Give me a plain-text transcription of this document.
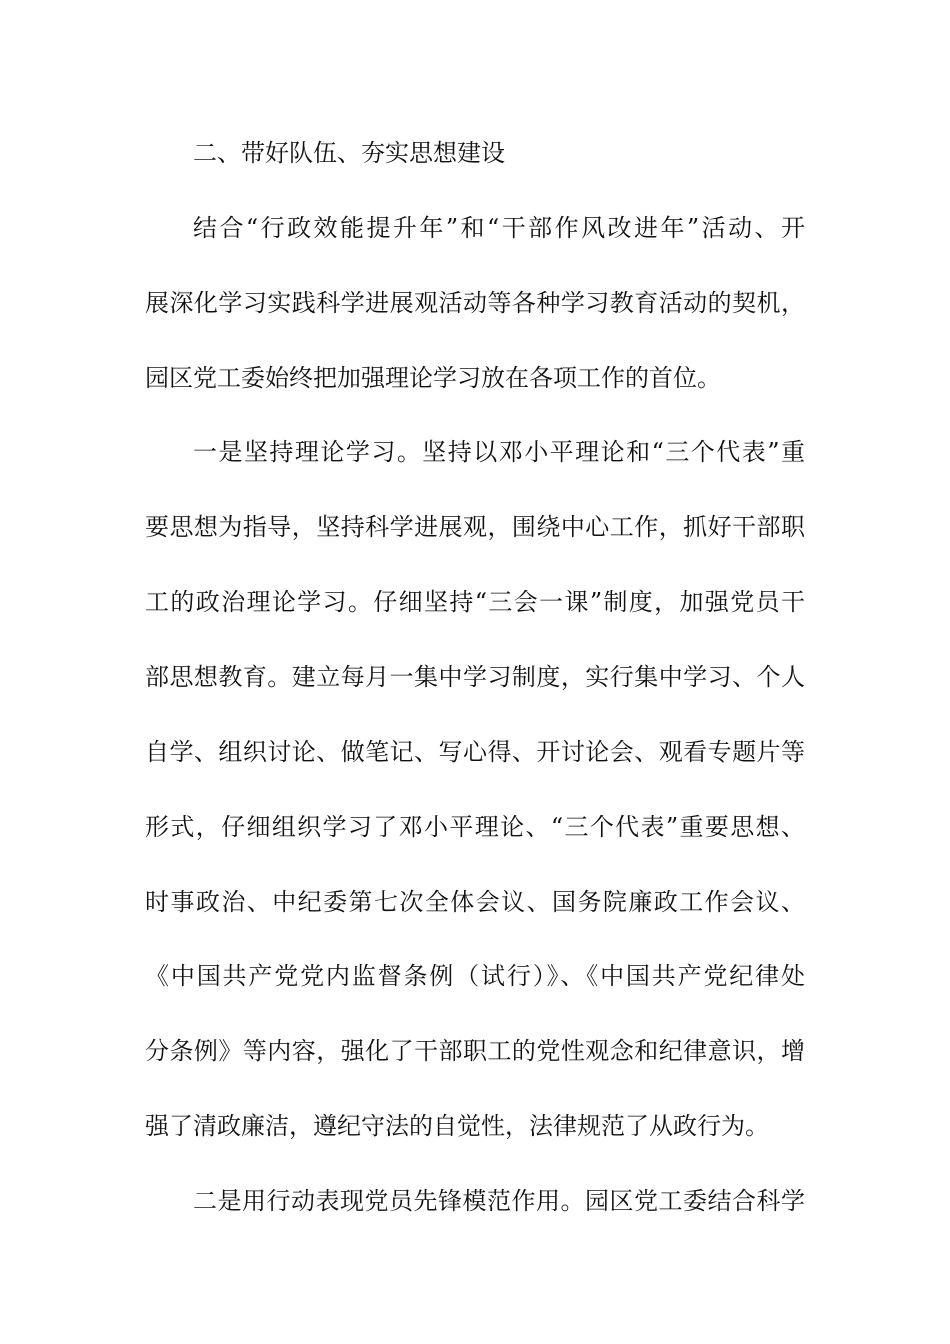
二、带好队伍、夯实思想建设
结合“行政效能提升年”和“干部作风改进年”活动、开
展深化学习实践科学进展观活动等各种学习教育活动的契机，
园区党工委始终把加强理论学习放在各项工作的首位。
一是坚持理论学习。坚持以邓小平理论和“三个代表”重
要思想为指导，坚持科学进展观，围绕中心工作，抓好干部职
工的政治理论学习。仔细坚持“三会一课”制度，加强党员干
部思想教育。建立每月一集中学习制度，实行集中学习、个人
自学、组织讨论、做笔记、写心得、开讨论会、观看专题片等
形式，仔细组织学习了邓小平理论、“三个代表”重要思想、
时事政治、中纪委第七次全体会议、国务院廉政工作会议、
《中国共产党党内监督条例（试行）》、《中国共产党纪律处
分条例》等内容，强化了干部职工的党性观念和纪律意识，增
强了清政廉洁，遵纪守法的自觉性，法律规范了从政行为。
二是用行动表现党员先锋模范作用。园区党工委结合科学
